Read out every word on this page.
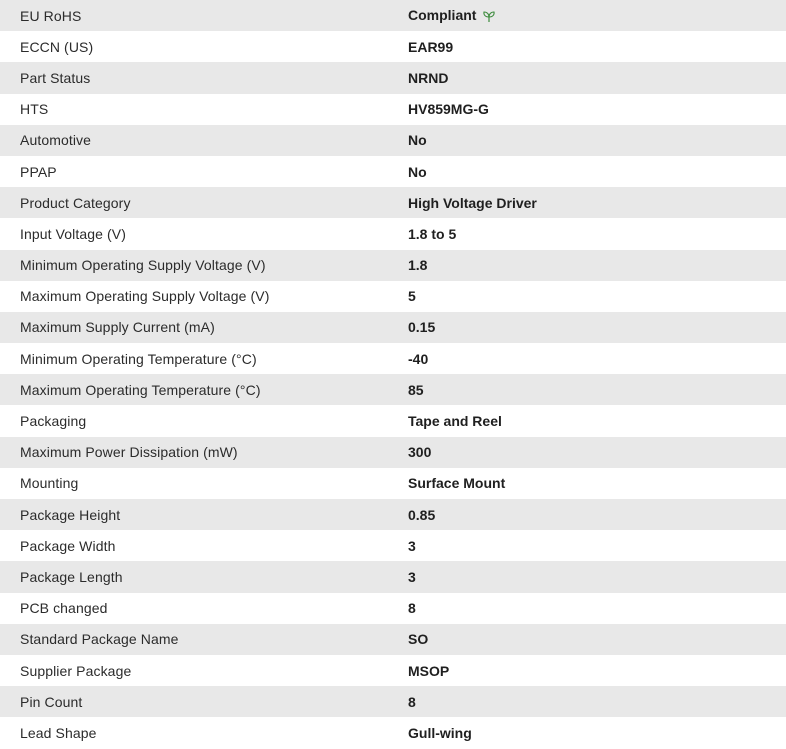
EU RoHS	Compliant
ECCN (US)	EAR99
Part Status	NRND
HTS	HV859MG-G
Automotive	No
PPAP	No
Product Category	High Voltage Driver
Input Voltage (V)	1.8 to 5
Minimum Operating Supply Voltage (V)	1.8
Maximum Operating Supply Voltage (V)	5
Maximum Supply Current (mA)	0.15
Minimum Operating Temperature (°C)	-40
Maximum Operating Temperature (°C)	85
Packaging	Tape and Reel
Maximum Power Dissipation (mW)	300
Mounting	Surface Mount
Package Height	0.85
Package Width	3
Package Length	3
PCB changed	8
Standard Package Name	SO
Supplier Package	MSOP
Pin Count	8
Lead Shape	Gull-wing
